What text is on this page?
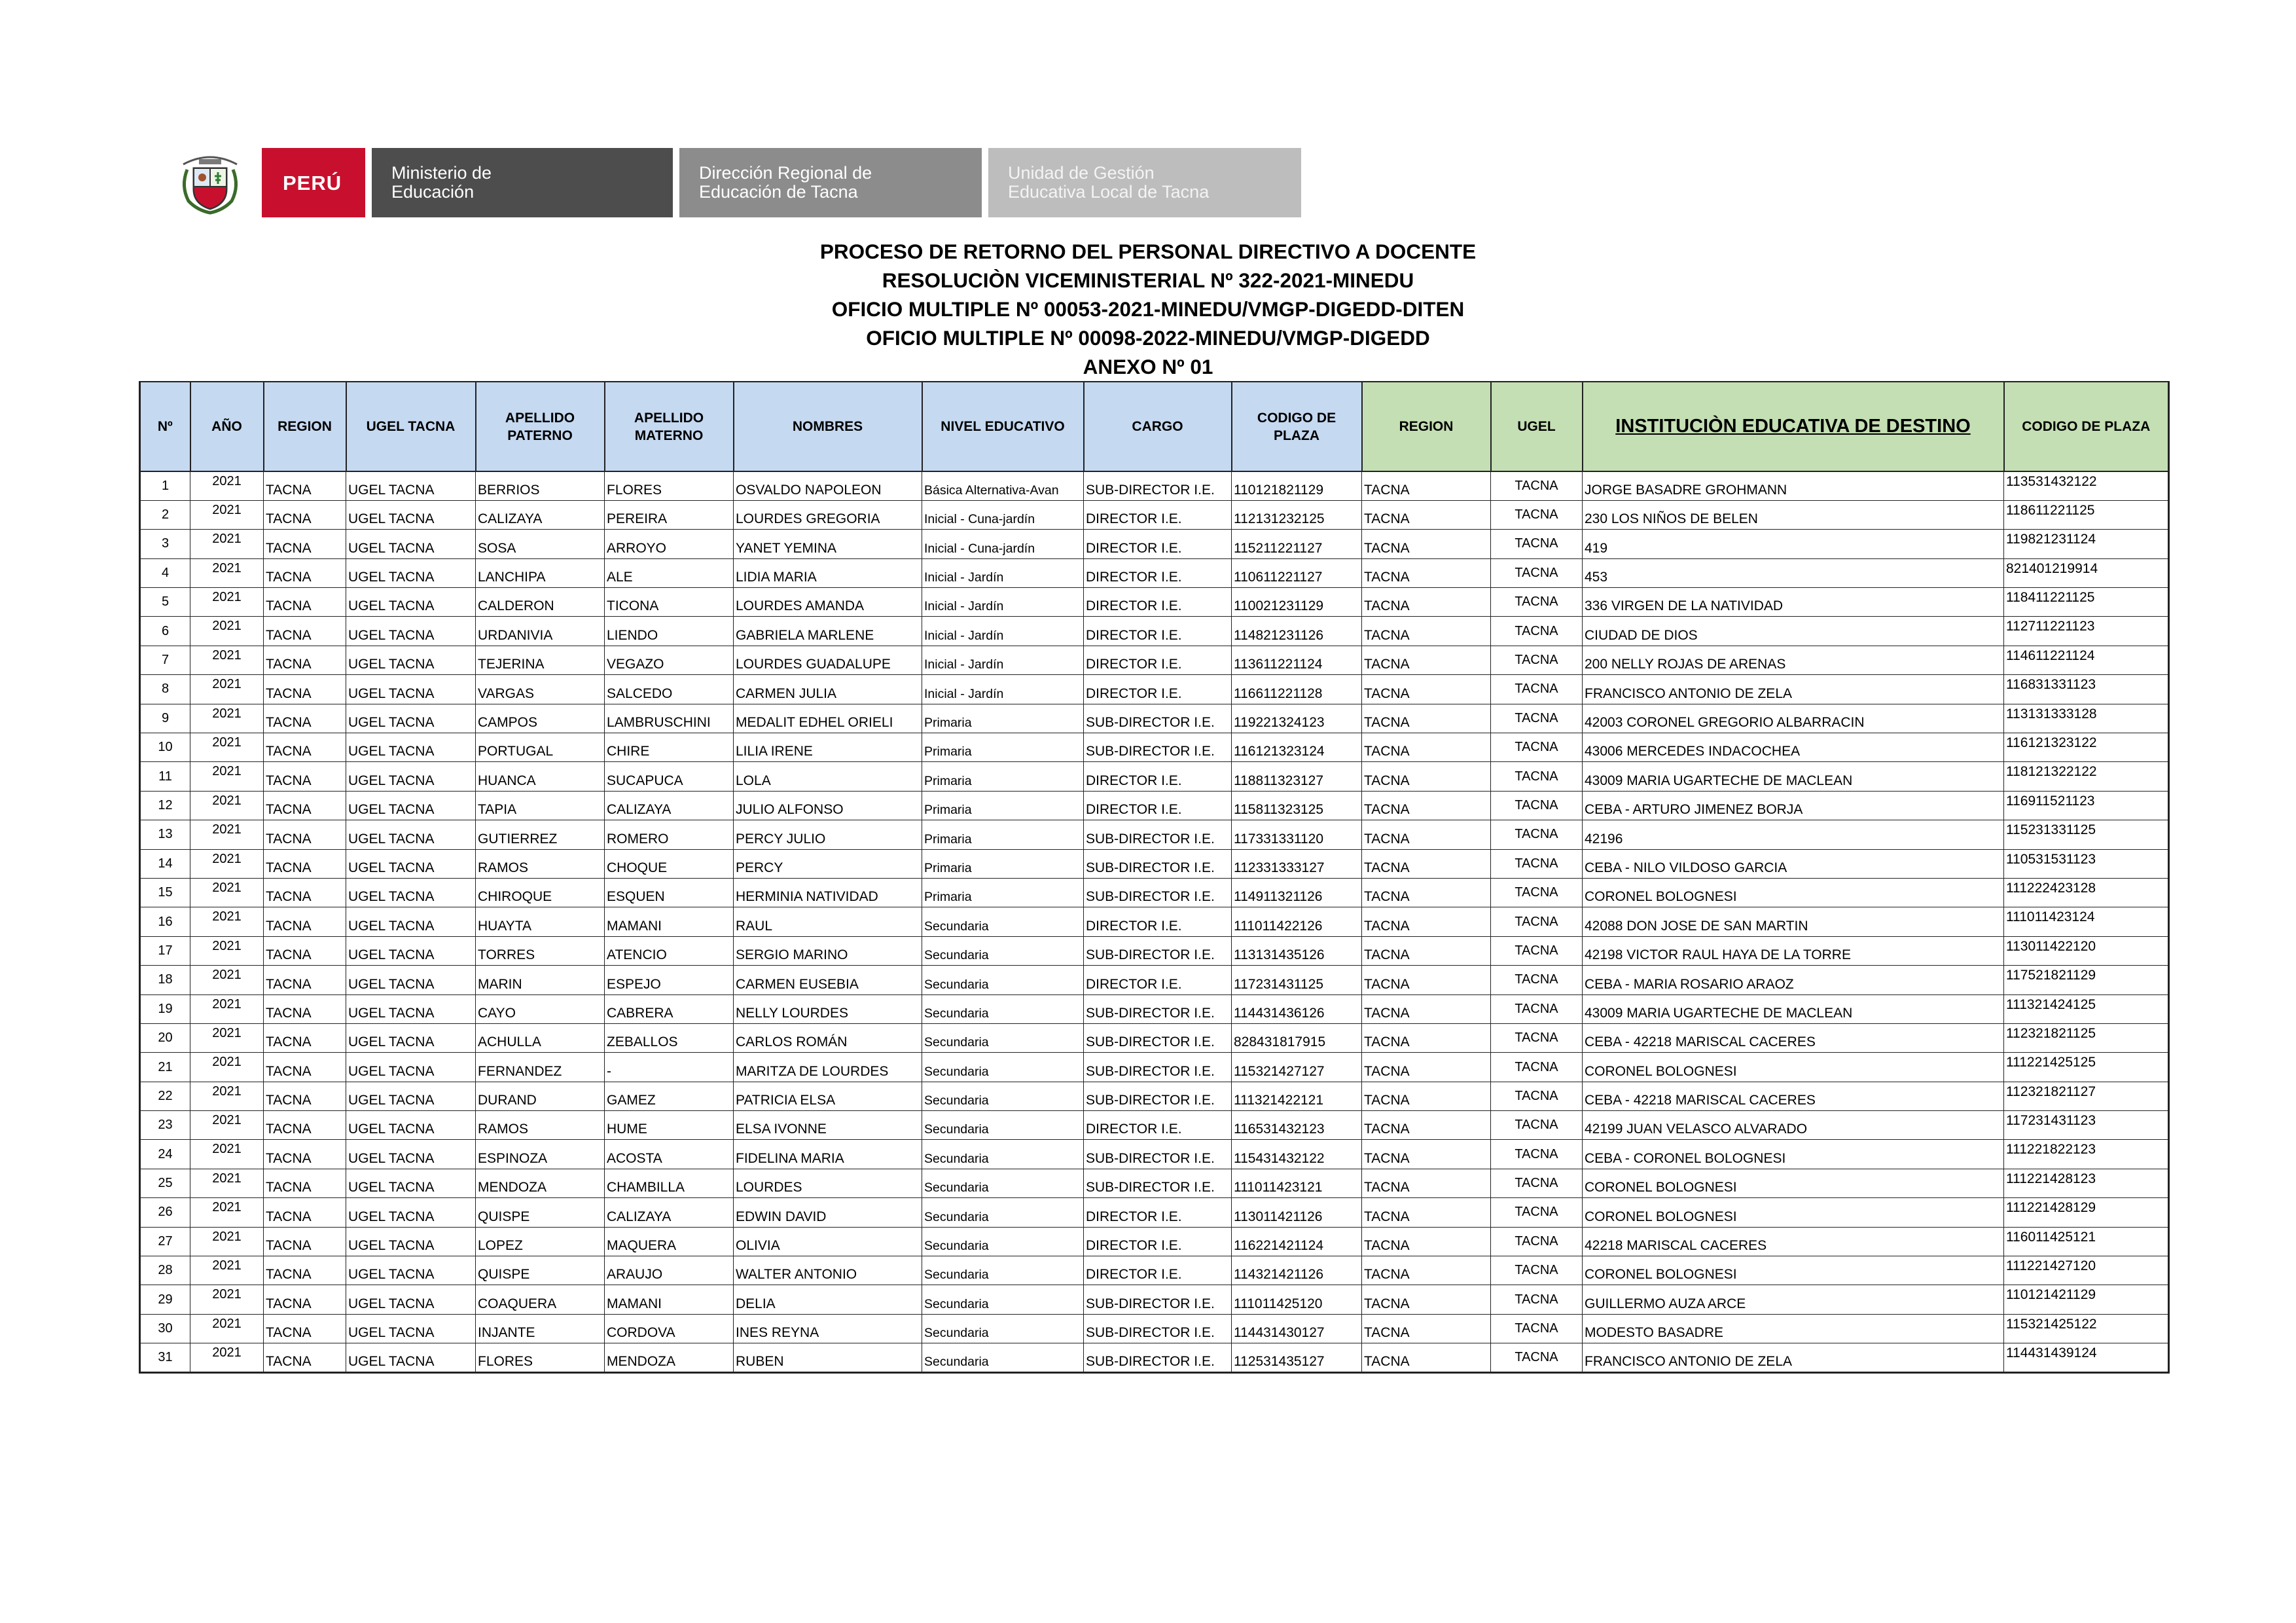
PERÚ	Ministerio de
Educación
Dirección Regional de
Educación de Tacna
Unidad de Gestión
Educativa Local de Tacna
PROCESO DE RETORNO DEL PERSONAL DIRECTIVO A DOCENTE
RESOLUCIÒN VICEMINISTERIAL Nº 322-2021-MINEDU
OFICIO MULTIPLE Nº 00053-2021-MINEDU/VMGP-DIGEDD-DITEN
OFICIO MULTIPLE Nº 00098-2022-MINEDU/VMGP-DIGEDD
ANEXO Nº 01
Nº	AÑO	REGION	UGEL TACNA	APELLIDO PATERNO	APELLIDO MATERNO	NOMBRES	NIVEL EDUCATIVO	CARGO	CODIGO DE PLAZA	REGION	UGEL	INSTITUCIÒN EDUCATIVA DE DESTINO	CODIGO DE PLAZA
1	2021	TACNA	UGEL TACNA	BERRIOS	FLORES	OSVALDO NAPOLEON	Básica Alternativa-Avan	SUB-DIRECTOR I.E.	110121821129	TACNA	TACNA	JORGE BASADRE GROHMANN	113531432122
2	2021	TACNA	UGEL TACNA	CALIZAYA	PEREIRA	LOURDES GREGORIA	Inicial - Cuna-jardín	DIRECTOR I.E.	112131232125	TACNA	TACNA	230 LOS NIÑOS DE BELEN	118611221125
3	2021	TACNA	UGEL TACNA	SOSA	ARROYO	YANET YEMINA	Inicial - Cuna-jardín	DIRECTOR I.E.	115211221127	TACNA	TACNA	419	119821231124
4	2021	TACNA	UGEL TACNA	LANCHIPA	ALE	LIDIA MARIA	Inicial - Jardín	DIRECTOR I.E.	110611221127	TACNA	TACNA	453	821401219914
5	2021	TACNA	UGEL TACNA	CALDERON	TICONA	LOURDES AMANDA	Inicial - Jardín	DIRECTOR I.E.	110021231129	TACNA	TACNA	336 VIRGEN DE LA NATIVIDAD	118411221125
6	2021	TACNA	UGEL TACNA	URDANIVIA	LIENDO	GABRIELA MARLENE	Inicial - Jardín	DIRECTOR I.E.	114821231126	TACNA	TACNA	CIUDAD DE DIOS	112711221123
7	2021	TACNA	UGEL TACNA	TEJERINA	VEGAZO	LOURDES GUADALUPE	Inicial - Jardín	DIRECTOR I.E.	113611221124	TACNA	TACNA	200 NELLY ROJAS DE ARENAS	114611221124
8	2021	TACNA	UGEL TACNA	VARGAS	SALCEDO	CARMEN JULIA	Inicial - Jardín	DIRECTOR I.E.	116611221128	TACNA	TACNA	FRANCISCO ANTONIO DE ZELA	116831331123
9	2021	TACNA	UGEL TACNA	CAMPOS	LAMBRUSCHINI	MEDALIT EDHEL ORIELI	Primaria	SUB-DIRECTOR I.E.	119221324123	TACNA	TACNA	42003 CORONEL GREGORIO ALBARRACIN	113131333128
10	2021	TACNA	UGEL TACNA	PORTUGAL	CHIRE	LILIA IRENE	Primaria	SUB-DIRECTOR I.E.	116121323124	TACNA	TACNA	43006 MERCEDES INDACOCHEA	116121323122
11	2021	TACNA	UGEL TACNA	HUANCA	SUCAPUCA	LOLA	Primaria	DIRECTOR I.E.	118811323127	TACNA	TACNA	43009 MARIA UGARTECHE DE MACLEAN	118121322122
12	2021	TACNA	UGEL TACNA	TAPIA	CALIZAYA	JULIO ALFONSO	Primaria	DIRECTOR I.E.	115811323125	TACNA	TACNA	CEBA - ARTURO JIMENEZ BORJA	116911521123
13	2021	TACNA	UGEL TACNA	GUTIERREZ	ROMERO	PERCY JULIO	Primaria	SUB-DIRECTOR I.E.	117331331120	TACNA	TACNA	42196	115231331125
14	2021	TACNA	UGEL TACNA	RAMOS	CHOQUE	PERCY	Primaria	SUB-DIRECTOR I.E.	112331333127	TACNA	TACNA	CEBA - NILO VILDOSO GARCIA	110531531123
15	2021	TACNA	UGEL TACNA	CHIROQUE	ESQUEN	HERMINIA NATIVIDAD	Primaria	SUB-DIRECTOR I.E.	114911321126	TACNA	TACNA	CORONEL BOLOGNESI	111222423128
16	2021	TACNA	UGEL TACNA	HUAYTA	MAMANI	RAUL	Secundaria	DIRECTOR I.E.	111011422126	TACNA	TACNA	42088 DON JOSE DE SAN MARTIN	111011423124
17	2021	TACNA	UGEL TACNA	TORRES	ATENCIO	SERGIO MARINO	Secundaria	SUB-DIRECTOR I.E.	113131435126	TACNA	TACNA	42198 VICTOR RAUL HAYA DE LA TORRE	113011422120
18	2021	TACNA	UGEL TACNA	MARIN	ESPEJO	CARMEN EUSEBIA	Secundaria	DIRECTOR I.E.	117231431125	TACNA	TACNA	CEBA - MARIA ROSARIO ARAOZ	117521821129
19	2021	TACNA	UGEL TACNA	CAYO	CABRERA	NELLY LOURDES	Secundaria	SUB-DIRECTOR I.E.	114431436126	TACNA	TACNA	43009 MARIA UGARTECHE DE MACLEAN	111321424125
20	2021	TACNA	UGEL TACNA	ACHULLA	ZEBALLOS	CARLOS ROMÁN	Secundaria	SUB-DIRECTOR I.E.	828431817915	TACNA	TACNA	CEBA - 42218 MARISCAL CACERES	112321821125
21	2021	TACNA	UGEL TACNA	FERNANDEZ	-	MARITZA DE LOURDES	Secundaria	SUB-DIRECTOR I.E.	115321427127	TACNA	TACNA	CORONEL BOLOGNESI	111221425125
22	2021	TACNA	UGEL TACNA	DURAND	GAMEZ	PATRICIA ELSA	Secundaria	SUB-DIRECTOR I.E.	111321422121	TACNA	TACNA	CEBA - 42218 MARISCAL CACERES	112321821127
23	2021	TACNA	UGEL TACNA	RAMOS	HUME	ELSA IVONNE	Secundaria	DIRECTOR I.E.	116531432123	TACNA	TACNA	42199 JUAN VELASCO ALVARADO	117231431123
24	2021	TACNA	UGEL TACNA	ESPINOZA	ACOSTA	FIDELINA MARIA	Secundaria	SUB-DIRECTOR I.E.	115431432122	TACNA	TACNA	CEBA - CORONEL BOLOGNESI	111221822123
25	2021	TACNA	UGEL TACNA	MENDOZA	CHAMBILLA	LOURDES	Secundaria	SUB-DIRECTOR I.E.	111011423121	TACNA	TACNA	CORONEL BOLOGNESI	111221428123
26	2021	TACNA	UGEL TACNA	QUISPE	CALIZAYA	EDWIN DAVID	Secundaria	DIRECTOR I.E.	113011421126	TACNA	TACNA	CORONEL BOLOGNESI	111221428129
27	2021	TACNA	UGEL TACNA	LOPEZ	MAQUERA	OLIVIA	Secundaria	DIRECTOR I.E.	116221421124	TACNA	TACNA	42218 MARISCAL CACERES	116011425121
28	2021	TACNA	UGEL TACNA	QUISPE	ARAUJO	WALTER ANTONIO	Secundaria	DIRECTOR I.E.	114321421126	TACNA	TACNA	CORONEL BOLOGNESI	111221427120
29	2021	TACNA	UGEL TACNA	COAQUERA	MAMANI	DELIA	Secundaria	SUB-DIRECTOR I.E.	111011425120	TACNA	TACNA	GUILLERMO AUZA ARCE	110121421129
30	2021	TACNA	UGEL TACNA	INJANTE	CORDOVA	INES REYNA	Secundaria	SUB-DIRECTOR I.E.	114431430127	TACNA	TACNA	MODESTO BASADRE	115321425122
31	2021	TACNA	UGEL TACNA	FLORES	MENDOZA	RUBEN	Secundaria	SUB-DIRECTOR I.E.	112531435127	TACNA	TACNA	FRANCISCO ANTONIO DE ZELA	114431439124
